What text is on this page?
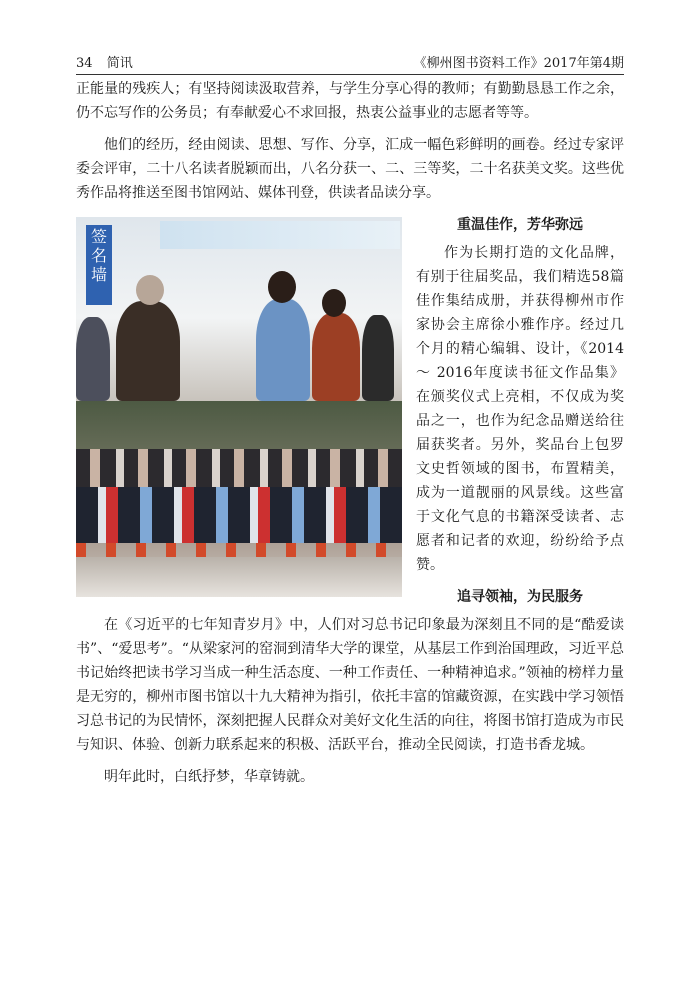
34 简讯	《柳州图书资料工作》2017年第4期

正能量的残疾人；有坚持阅读汲取营养，与学生分享心得的教师；有勤勤恳恳工作之余，仍不忘写作的公务员；有奉献爱心不求回报，热衷公益事业的志愿者等等。

他们的经历，经由阅读、思想、写作、分享，汇成一幅色彩鲜明的画卷。经过专家评委会评审，二十八名读者脱颖而出，八名分获一、二、三等奖，二十名获美文奖。这些优秀作品将推送至图书馆网站、媒体刊登，供读者品读分享。

签名墙
重温佳作，芳华弥远

作为长期打造的文化品牌，有别于往届奖品，我们精选58篇佳作集结成册，并获得柳州市作家协会主席徐小雅作序。经过几个月的精心编辑、设计，《2014～ 2016年度读书征文作品集》在颁奖仪式上亮相，不仅成为奖品之一，也作为纪念品赠送给往届获奖者。另外，奖品台上包罗文史哲领域的图书，布置精美，成为一道靓丽的风景线。这些富于文化气息的书籍深受读者、志愿者和记者的欢迎，纷纷给予点赞。

追寻领袖，为民服务

在《习近平的七年知青岁月》中，人们对习总书记印象最为深刻且不同的是“酷爱读书”、“爱思考”。“从梁家河的窑洞到清华大学的课堂，从基层工作到治国理政，习近平总书记始终把读书学习当成一种生活态度、一种工作责任、一种精神追求。”领袖的榜样力量是无穷的，柳州市图书馆以十九大精神为指引，依托丰富的馆藏资源，在实践中学习领悟习总书记的为民情怀，深刻把握人民群众对美好文化生活的向往，将图书馆打造成为市民与知识、体验、创新力联系起来的积极、活跃平台，推动全民阅读，打造书香龙城。

明年此时，白纸抒梦，华章铸就。
